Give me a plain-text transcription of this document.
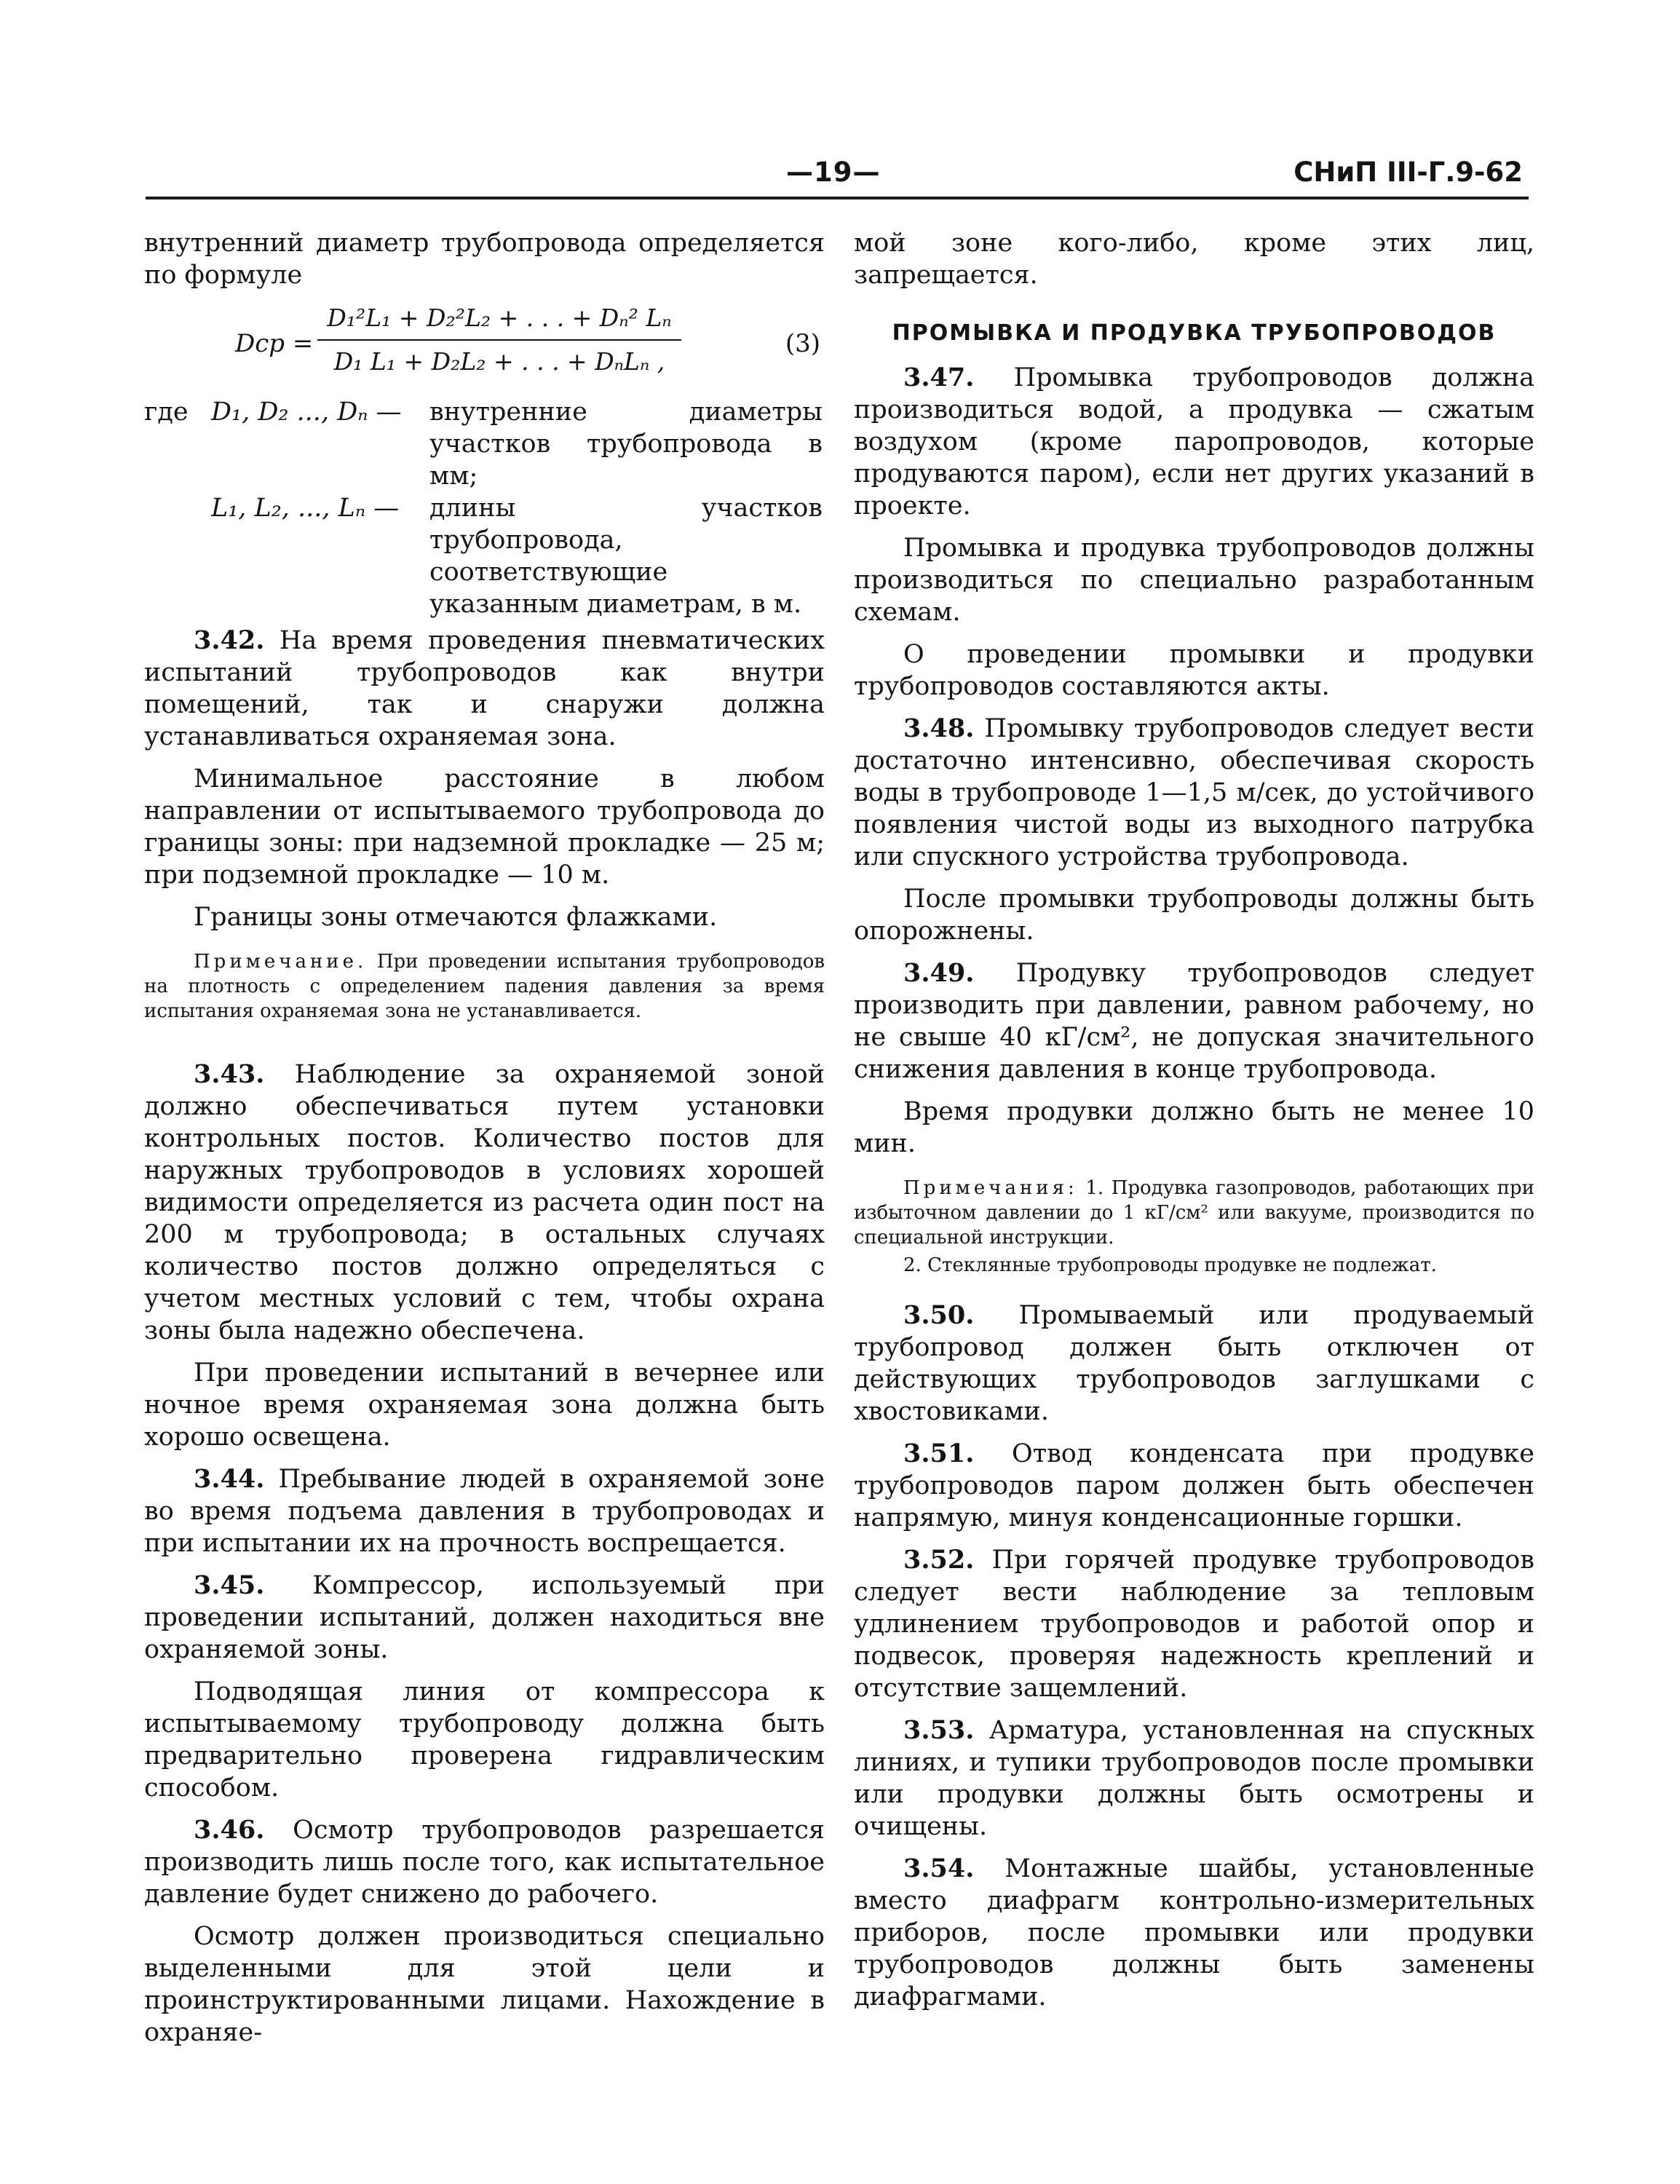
—19—	СНиП III-Г.9-62

внутренний диаметр трубопровода определяется по формуле

Dср =
D₁²L₁ + D₂²L₂ + . . . + Dₙ² Lₙ
D₁ L₁ + D₂L₂ + . . . + DₙLₙ ,
(3)
где D₁, D₂ ..., Dₙ —	внутренние диаметры участков трубопровода в мм;
L₁, L₂, ..., Lₙ —	длины участков трубопровода, соответствующие указанным диаметрам, в м.

3.42. На время проведения пневматических испытаний трубопроводов как внутри помещений, так и снаружи должна устанавливаться охраняемая зона.

Минимальное расстояние в любом направлении от испытываемого трубопровода до границы зоны: при надземной прокладке — 25 м; при подземной прокладке — 10 м.

Границы зоны отмечаются флажками.

Примечание. При проведении испытания трубопроводов на плотность с определением падения давления за время испытания охраняемая зона не устанавливается.

3.43. Наблюдение за охраняемой зоной должно обеспечиваться путем установки контрольных постов. Количество постов для наружных трубопроводов в условиях хорошей видимости определяется из расчета один пост на 200 м трубопровода; в остальных случаях количество постов должно определяться с учетом местных условий с тем, чтобы охрана зоны была надежно обеспечена.

При проведении испытаний в вечернее или ночное время охраняемая зона должна быть хорошо освещена.

3.44. Пребывание людей в охраняемой зоне во время подъема давления в трубопроводах и при испытании их на прочность воспрещается.

3.45. Компрессор, используемый при проведении испытаний, должен находиться вне охраняемой зоны.

Подводящая линия от компрессора к испытываемому трубопроводу должна быть предварительно проверена гидравлическим способом.

3.46. Осмотр трубопроводов разрешается производить лишь после того, как испытательное давление будет снижено до рабочего.

Осмотр должен производиться специально выделенными для этой цели и проинструктированными лицами. Нахождение в охраняе-

мой зоне кого-либо, кроме этих лиц, запрещается.

ПРОМЫВКА И ПРОДУВКА ТРУБОПРОВОДОВ

3.47. Промывка трубопроводов должна производиться водой, а продувка — сжатым воздухом (кроме паропроводов, которые продуваются паром), если нет других указаний в проекте.

Промывка и продувка трубопроводов должны производиться по специально разработанным схемам.

О проведении промывки и продувки трубопроводов составляются акты.

3.48. Промывку трубопроводов следует вести достаточно интенсивно, обеспечивая скорость воды в трубопроводе 1—1,5 м/сек, до устойчивого появления чистой воды из выходного патрубка или спускного устройства трубопровода.

После промывки трубопроводы должны быть опорожнены.

3.49. Продувку трубопроводов следует производить при давлении, равном рабочему, но не свыше 40 кГ/см², не допуская значительного снижения давления в конце трубопровода.

Время продувки должно быть не менее 10 мин.

Примечания: 1. Продувка газопроводов, работающих при избыточном давлении до 1 кГ/см² или вакууме, производится по специальной инструкции.

2. Стеклянные трубопроводы продувке не подлежат.

3.50. Промываемый или продуваемый трубопровод должен быть отключен от действующих трубопроводов заглушками с хвостовиками.

3.51. Отвод конденсата при продувке трубопроводов паром должен быть обеспечен напрямую, минуя конденсационные горшки.

3.52. При горячей продувке трубопроводов следует вести наблюдение за тепловым удлинением трубопроводов и работой опор и подвесок, проверяя надежность креплений и отсутствие защемлений.

3.53. Арматура, установленная на спускных линиях, и тупики трубопроводов после промывки или продувки должны быть осмотрены и очищены.

3.54. Монтажные шайбы, установленные вместо диафрагм контрольно-измерительных приборов, после промывки или продувки трубопроводов должны быть заменены диафрагмами.
